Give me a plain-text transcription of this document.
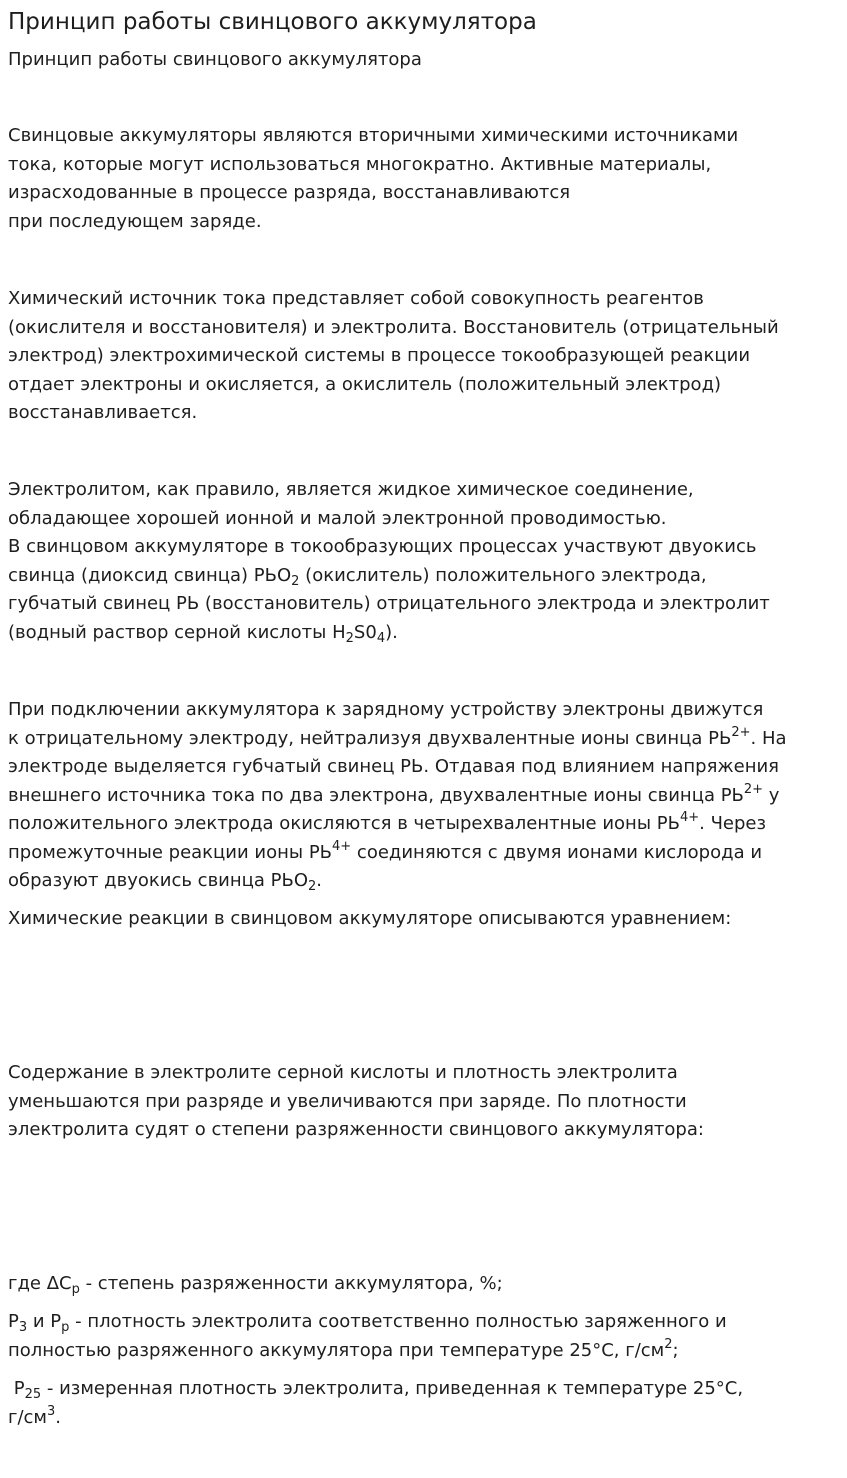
Принцип работы свинцового аккумулятора
Принцип работы свинцового аккумулятора
Свинцовые аккумуляторы являются вторичными химическими источниками
тока, которые могут использоваться многократно. Активные материалы,
израсходованные в процессе разряда, восстанавливаются
при последующем заряде.
Химический источник тока представляет собой совокупность реагентов
(окислителя и восстановителя) и электролита. Восстановитель (отрицательный
электрод) электрохимической системы в процессе токообразующей реакции
отдает электроны и окисляется, а окислитель (положительный электрод)
восстанавливается.
Электролитом, как правило, является жидкое химическое соединение,
обладающее хорошей ионной и малой электронной проводимостью.
В свинцовом аккумуляторе в токообразующих процессах участвуют двуокись
свинца (диоксид свинца) $PЬO_2$ (окислитель) положительного электрода,
губчатый свинец PЬ (восстановитель) отрицательного электрода и электролит
(водный раствор серной кислоты $H_2S0_4$).
При подключении аккумулятора к зарядному устройству электроны движутся
к отрицательному электроду, нейтрализуя двухвалентные ионы свинца $PЬ^{2+}$. На
электроде выделяется губчатый свинец PЬ. Отдавая под влиянием напряжения
внешнего источника тока по два электрона, двухвалентные ионы свинца $PЬ^{2+}$ у
положительного электрода окисляются в четырехвалентные ионы $PЬ^{4+}$. Через
промежуточные реакции ионы $PЬ^{4+}$ соединяются с двумя ионами кислорода и
образуют двуокись свинца $PЬO_2$.
Химические реакции в свинцовом аккумуляторе описываются уравнением:
Содержание в электролите серной кислоты и плотность электролита
уменьшаются при разряде и увеличиваются при заряде. По плотности
электролита судят о степени разряженности свинцового аккумулятора:
где $\Delta C_p$ - степень разряженности аккумулятора, %;
$P_3$ и $P_p$ - плотность электролита соответственно полностью заряженного и
полностью разряженного аккумулятора при температуре 25°C, $г/см^2$;
$P_{25}$ - измеренная плотность электролита, приведенная к температуре 25°C,
$г/см^3$.
